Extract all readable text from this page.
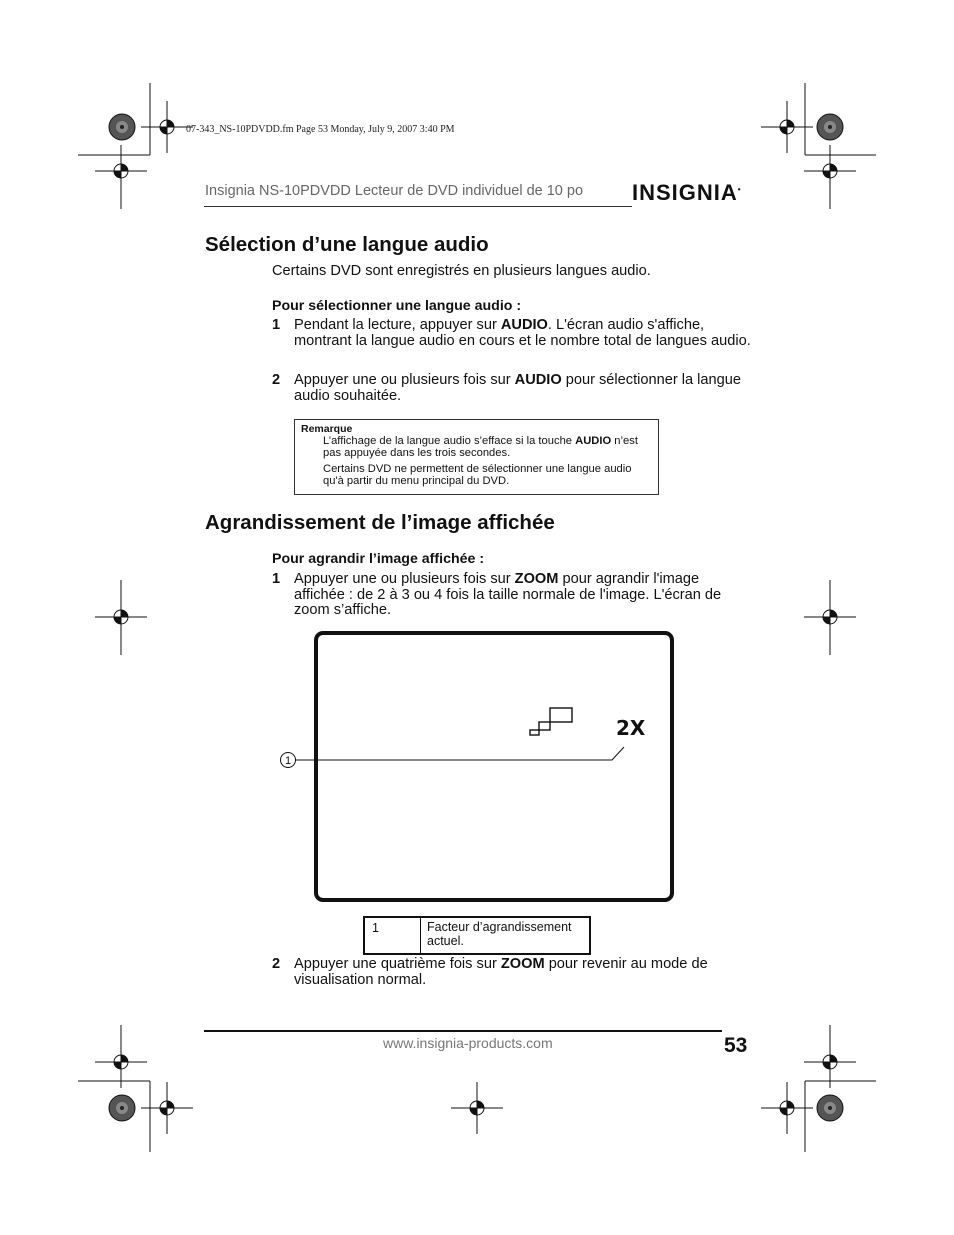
07-343_NS-10PDVDD.fm Page 53 Monday, July 9, 2007 3:40 PM
Insignia NS-10PDVDD Lecteur de DVD individuel de 10 po INSIGNIA•
Sélection d’une langue audio
Certains DVD sont enregistrés en plusieurs langues audio.
Pour sélectionner une langue audio :
1 Pendant la lecture, appuyer sur AUDIO. L'écran audio s'affiche, montrant la langue audio en cours et le nombre total de langues audio.
2 Appuyer une ou plusieurs fois sur AUDIO pour sélectionner la langue audio souhaitée.
Remarque
L’affichage de la langue audio s’efface si la touche AUDIO n’est pas appuyée dans les trois secondes.
Certains DVD ne permettent de sélectionner une langue audio qu'à partir du menu principal du DVD.
Agrandissement de l’image affichée
Pour agrandir l’image affichée :
1 Appuyer une ou plusieurs fois sur ZOOM pour agrandir l'image affichée : de 2 à 3 ou 4 fois la taille normale de l'image. L'écran de zoom s’affiche.
2X
1
1	Facteur d’agrandissement actuel.
2 Appuyer une quatrième fois sur ZOOM pour revenir au mode de visualisation normal.
www.insignia-products.com	53
